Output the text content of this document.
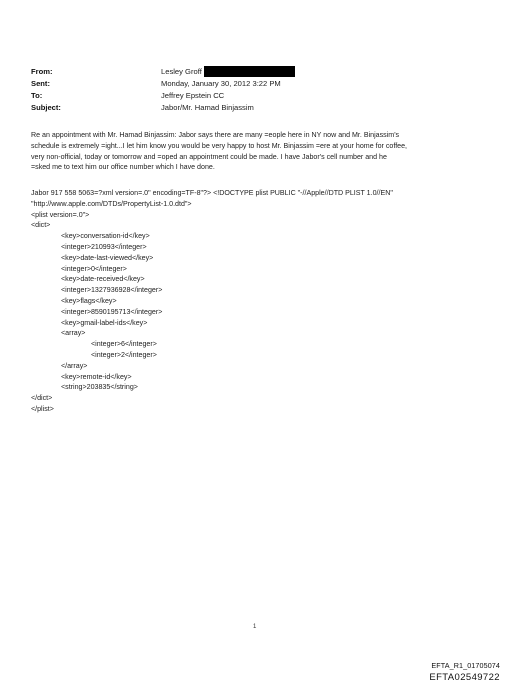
From:	Lesley Groff
Sent:	Monday, January 30, 2012 3:22 PM
To:	Jeffrey Epstein CC
Subject:	Jabor/Mr. Hamad Binjassim
Re an appointment with Mr. Hamad Binjassim: Jabor says there are many =eople here in NY now and Mr. Binjassim's
schedule is extremely =ight...I let him know you would be very happy to host Mr. Binjassim =ere at your home for coffee,
very non-official, today or tomorrow and =oped an appointment could be made. I have Jabor's cell number and he
=sked me to text him our office number which I have done.
Jabor 917 558 5063=?xml version=.0" encoding=TF-8"?> <!DOCTYPE plist PUBLIC "-//Apple//DTD PLIST 1.0//EN"
"http://www.apple.com/DTDs/PropertyList-1.0.dtd">
<plist version=.0">
<dict>
<key>conversation-id</key>
<integer>210993</integer>
<key>date-last-viewed</key>
<integer>0</integer>
<key>date-received</key>
<integer>1327936928</integer>
<key>flags</key>
<integer>8590195713</integer>
<key>gmail-label-ids</key>
<array>
<integer>6</integer>
<integer>2</integer>
</array>
<key>remote-id</key>
<string>203835</string>
</dict>
</plist>
1
EFTA_R1_01705074
EFTA02549722
